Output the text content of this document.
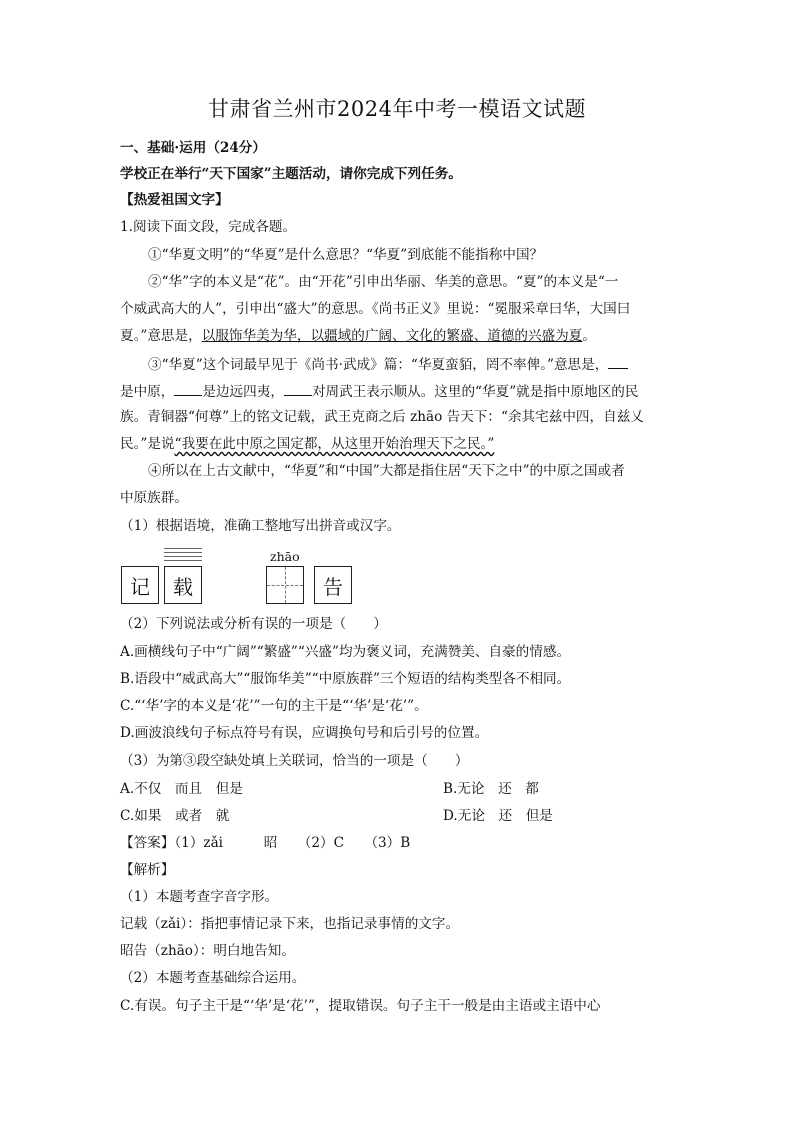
甘肃省兰州市2024年中考一模语文试题
一、基础·运用（24分）
学校正在举行“天下国家”主题活动，请你完成下列任务。
【热爱祖国文字】
1.阅读下面文段，完成各题。
①“华夏文明”的“华夏”是什么意思？“华夏”到底能不能指称中国？
②“华”字的本义是“花”。由“开花”引申出华丽、华美的意思。“夏”的本义是“一
个威武高大的人”，引申出“盛大”的意思。《尚书正义》里说：“冕服采章曰华，大国曰
夏。”意思是，以服饰华美为华，以疆域的广阔、文化的繁盛、道德的兴盛为夏。
③“华夏”这个词最早见于《尚书·武成》篇：“华夏蛮貊，罔不率俾。”意思是，
是中原， 是边远四夷， 对周武王表示顺从。这里的“华夏”就是指中原地区的民
族。青铜器“何尊”上的铭文记载，武王克商之后 zhāo 告天下：“余其宅兹中四，自兹乂
民。”是说“我要在此中原之国定都，从这里开始治理天下之民。”
④所以在上古文献中，“华夏”和“中国”大都是指住居“天下之中”的中原之国或者
中原族群。
（1）根据语境，准确工整地写出拼音或汉字。
记 载
zhāo
告
（2）下列说法或分析有误的一项是（　　）
A.画横线句子中“广阔”“繁盛”“兴盛”均为褒义词，充满赞美、自豪的情感。
B.语段中“威武高大”“服饰华美”“中原族群”三个短语的结构类型各不相同。
C.“‘华’字的本义是‘花’”一句的主干是“‘华’是‘花’”。
D.画波浪线句子标点符号有误，应调换句号和后引号的位置。
（3）为第③段空缺处填上关联词，恰当的一项是（　　）
A.不仅　而且　但是	B.无论　还　都
C.如果　或者　就	D.无论　还　但是
【答案】（1）zǎi　　　昭　　（2）C　　（3）B
【解析】
（1）本题考查字音字形。
记载（zǎi）：指把事情记录下来，也指记录事情的文字。
昭告（zhāo）：明白地告知。
（2）本题考查基础综合运用。
C.有误。句子主干是“‘华’是‘花’”，提取错误。句子主干一般是由主语或主语中心
